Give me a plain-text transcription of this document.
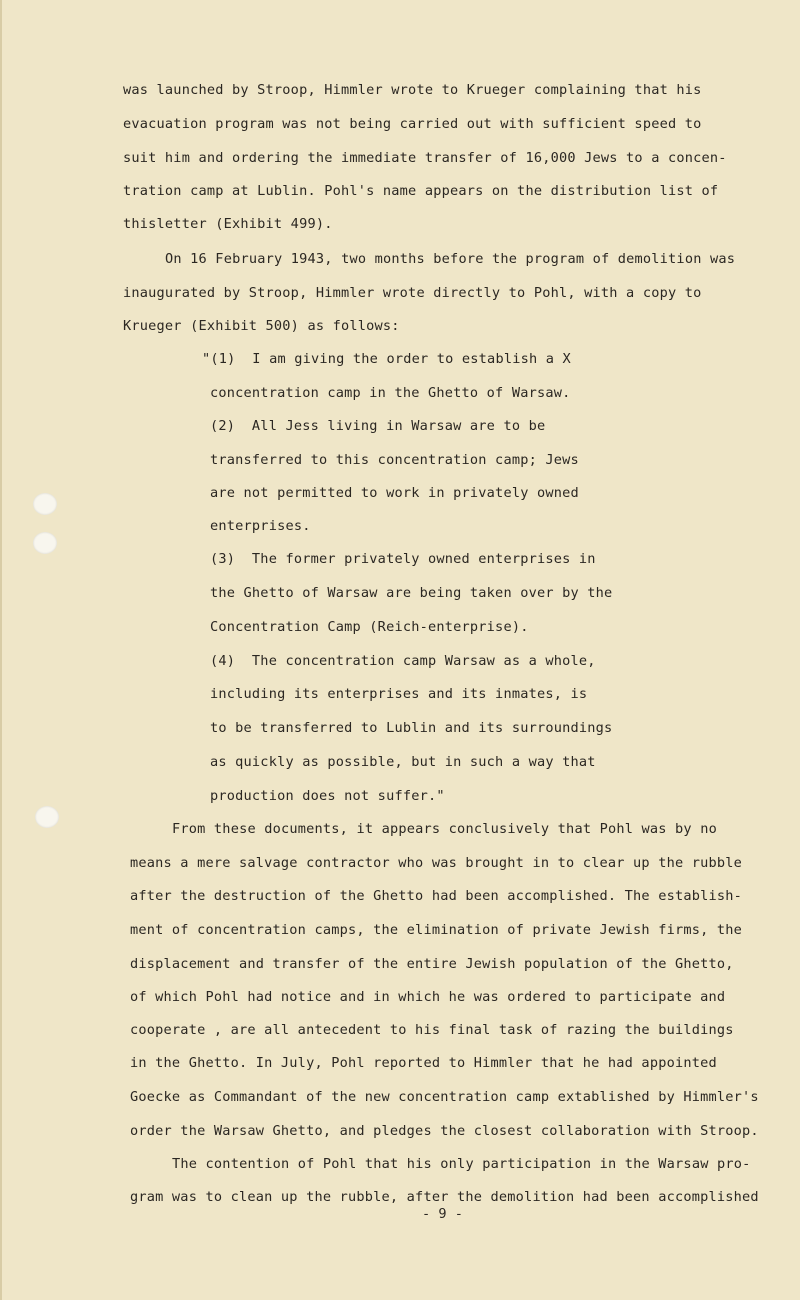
was launched by Stroop, Himmler wrote to Krueger complaining that his

evacuation program was not being carried out with sufficient speed to

suit him and ordering the immediate transfer of 16,000 Jews to a concen-

tration camp at Lublin. Pohl's name appears on the distribution list of

thisletter (Exhibit 499).

On 16 February 1943, two months before the program of demolition was

inaugurated by Stroop, Himmler wrote directly to Pohl, with a copy to

Krueger (Exhibit 500) as follows:

"(1)  I am giving the order to establish a X

concentration camp in the Ghetto of Warsaw.

(2)  All Jess living in Warsaw are to be

transferred to this concentration camp; Jews

are not permitted to work in privately owned

enterprises.

(3)  The former privately owned enterprises in

the Ghetto of Warsaw are being taken over by the

Concentration Camp (Reich-enterprise).

(4)  The concentration camp Warsaw as a whole,

including its enterprises and its inmates, is

to be transferred to Lublin and its surroundings

as quickly as possible, but in such a way that

production does not suffer."

From these documents, it appears conclusively that Pohl was by no

means a mere salvage contractor who was brought in to clear up the rubble

after the destruction of the Ghetto had been accomplished. The establish-

ment of concentration camps, the elimination of private Jewish firms, the

displacement and transfer of the entire Jewish population of the Ghetto,

of which Pohl had notice and in which he was ordered to participate and

cooperate , are all antecedent to his final task of razing the buildings

in the Ghetto. In July, Pohl reported to Himmler that he had appointed

Goecke as Commandant of the new concentration camp extablished by Himmler's

order the Warsaw Ghetto, and pledges the closest collaboration with Stroop.

The contention of Pohl that his only participation in the Warsaw pro-

gram was to clean up the rubble, after the demolition had been accomplished

- 9 -
